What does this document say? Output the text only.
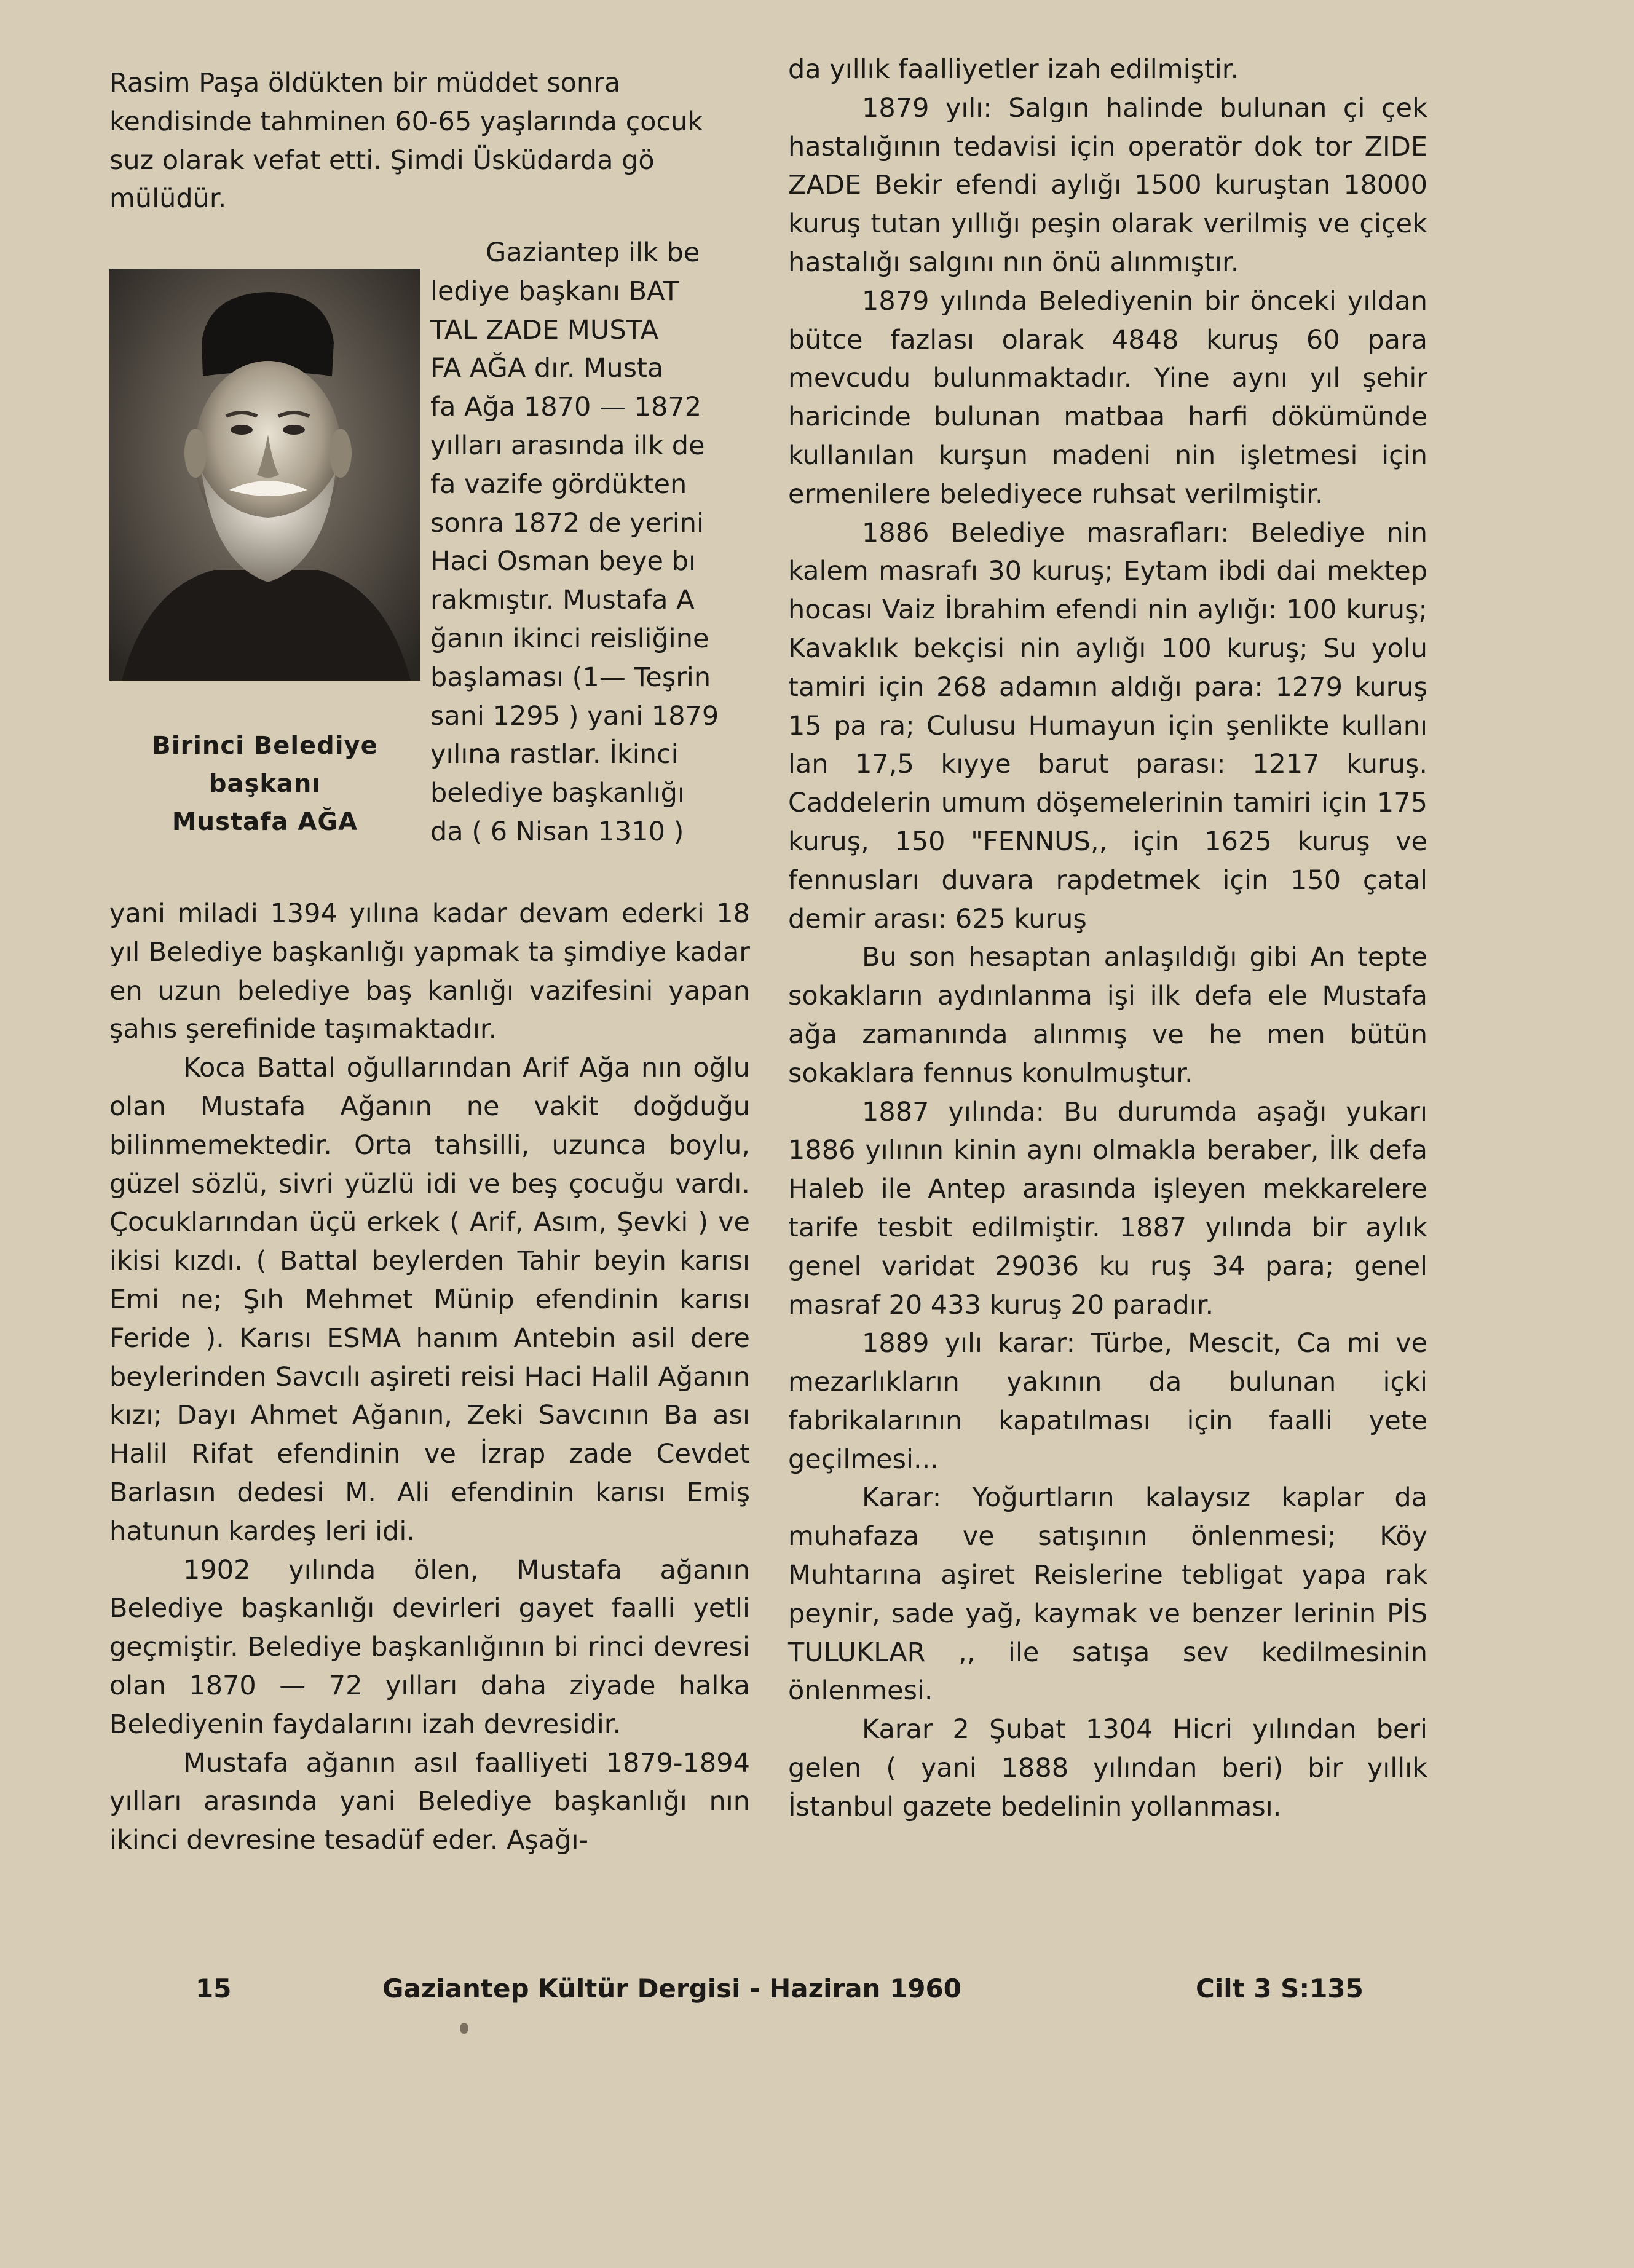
Rasim Paşa öldükten bir müddet sonra

kendisinde tahminen 60-65 yaşlarında çocuk

suz olarak vefat etti. Şimdi Üsküdarda gö

mülüdür.

Birinci Belediye
başkanı
Mustafa AĞA

Gaziantep ilk be

lediye başkanı BAT

TAL ZADE MUSTA

FA AĞA dır. Musta

fa Ağa 1870 — 1872

yılları arasında ilk de

fa vazife gördükten

sonra 1872 de yerini

Haci Osman beye bı

rakmıştır. Mustafa A

ğanın ikinci reisliğine

başlaması (1— Teşrin

sani 1295 ) yani 1879

yılına rastlar. İkinci

belediye başkanlığı

da ( 6 Nisan 1310 )

yani miladi 1394 yılına kadar devam ederki 18 yıl Belediye başkanlığı yapmak ta şimdiye kadar en uzun belediye baş kanlığı vazifesini yapan şahıs şerefinide taşımaktadır.

Koca Battal oğullarından Arif Ağa nın oğlu olan Mustafa Ağanın ne vakit doğduğu bilinmemektedir. Orta tahsilli, uzunca boylu, güzel sözlü, sivri yüzlü idi ve beş çocuğu vardı. Çocuklarından üçü erkek ( Arif, Asım, Şevki ) ve ikisi kızdı. ( Battal beylerden Tahir beyin karısı Emi ne; Şıh Mehmet Münip efendinin karısı Feride ). Karısı ESMA hanım Antebin asil dere beylerinden Savcılı aşireti reisi Haci Halil Ağanın kızı; Dayı Ahmet Ağanın, Zeki Savcının Ba ası Halil Rifat efendinin ve İzrap zade Cevdet Barlasın dedesi M. Ali efendinin karısı Emiş hatunun kardeş leri idi.

1902 yılında ölen, Mustafa ağanın Belediye başkanlığı devirleri gayet faalli yetli geçmiştir. Belediye başkanlığının bi rinci devresi olan 1870 — 72 yılları daha ziyade halka Belediyenin faydalarını izah devresidir.

Mustafa ağanın asıl faalliyeti 1879-1894 yılları arasında yani Belediye başkanlığı nın ikinci devresine tesadüf eder. Aşağı-

da yıllık faalliyetler izah edilmiştir.

1879 yılı: Salgın halinde bulunan çi çek hastalığının tedavisi için operatör dok tor ZIDE ZADE Bekir efendi aylığı 1500 kuruştan 18000 kuruş tutan yıllığı peşin olarak verilmiş ve çiçek hastalığı salgını nın önü alınmıştır.

1879 yılında Belediyenin bir önceki yıldan bütce fazlası olarak 4848 kuruş 60 para mevcudu bulunmaktadır. Yine aynı yıl şehir haricinde bulunan matbaa harfi dökümünde kullanılan kurşun madeni nin işletmesi için ermenilere belediyece ruhsat verilmiştir.

1886 Belediye masrafları: Belediye nin kalem masrafı 30 kuruş; Eytam ibdi dai mektep hocası Vaiz İbrahim efendi nin aylığı: 100 kuruş; Kavaklık bekçisi nin aylığı 100 kuruş; Su yolu tamiri için 268 adamın aldığı para: 1279 kuruş 15 pa ra; Culusu Humayun için şenlikte kullanı lan 17,5 kıyye barut parası: 1217 kuruş. Caddelerin umum döşemelerinin tamiri için 175 kuruş, 150 "FENNUS,, için 1625 kuruş ve fennusları duvara rapdetmek için 150 çatal demir arası: 625 kuruş

Bu son hesaptan anlaşıldığı gibi An tepte sokakların aydınlanma işi ilk defa ele Mustafa ağa zamanında alınmış ve he men bütün sokaklara fennus konulmuştur.

1887 yılında: Bu durumda aşağı yukarı 1886 yılının kinin aynı olmakla beraber, İlk defa Haleb ile Antep arasında işleyen mekkarelere tarife tesbit edilmiştir. 1887 yılında bir aylık genel varidat 29036 ku ruş 34 para; genel masraf 20 433 kuruş 20 paradır.

1889 yılı karar: Türbe, Mescit, Ca mi ve mezarlıkların yakının da bulunan içki fabrikalarının kapatılması için faalli yete geçilmesi...

Karar: Yoğurtların kalaysız kaplar da muhafaza ve satışının önlenmesi; Köy Muhtarına aşiret Reislerine tebligat yapa rak peynir, sade yağ, kaymak ve benzer lerinin PİS TULUKLAR ,, ile satışa sev kedilmesinin önlenmesi.

Karar 2 Şubat 1304 Hicri yılından beri gelen ( yani 1888 yılından beri) bir yıllık İstanbul gazete bedelinin yollanması.

15	Gaziantep Kültür Dergisi - Haziran 1960	Cilt 3 S:135
